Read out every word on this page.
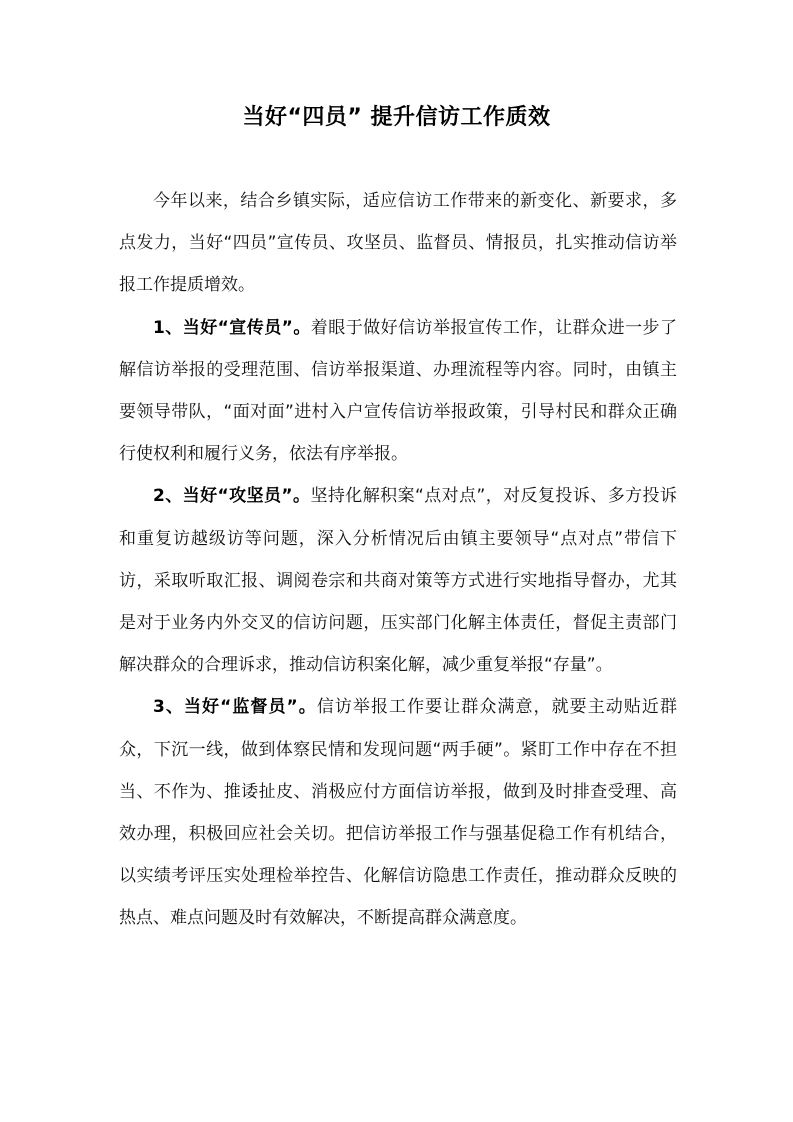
当好“四员” 提升信访工作质效

今年以来，结合乡镇实际，适应信访工作带来的新变化、新要求，多点发力，当好“四员”宣传员、攻坚员、监督员、情报员，扎实推动信访举报工作提质增效。

1、当好“宣传员”。着眼于做好信访举报宣传工作，让群众进一步了解信访举报的受理范围、信访举报渠道、办理流程等内容。同时，由镇主要领导带队，“面对面”进村入户宣传信访举报政策，引导村民和群众正确行使权利和履行义务，依法有序举报。

2、当好“攻坚员”。坚持化解积案“点对点”，对反复投诉、多方投诉和重复访越级访等问题，深入分析情况后由镇主要领导“点对点”带信下访，采取听取汇报、调阅卷宗和共商对策等方式进行实地指导督办，尤其是对于业务内外交叉的信访问题，压实部门化解主体责任，督促主责部门解决群众的合理诉求，推动信访积案化解，减少重复举报“存量”。

3、当好“监督员”。信访举报工作要让群众满意，就要主动贴近群众，下沉一线，做到体察民情和发现问题“两手硬”。紧盯工作中存在不担当、不作为、推诿扯皮、消极应付方面信访举报，做到及时排查受理、高效办理，积极回应社会关切。把信访举报工作与强基促稳工作有机结合，以实绩考评压实处理检举控告、化解信访隐患工作责任，推动群众反映的热点、难点问题及时有效解决，不断提高群众满意度。
